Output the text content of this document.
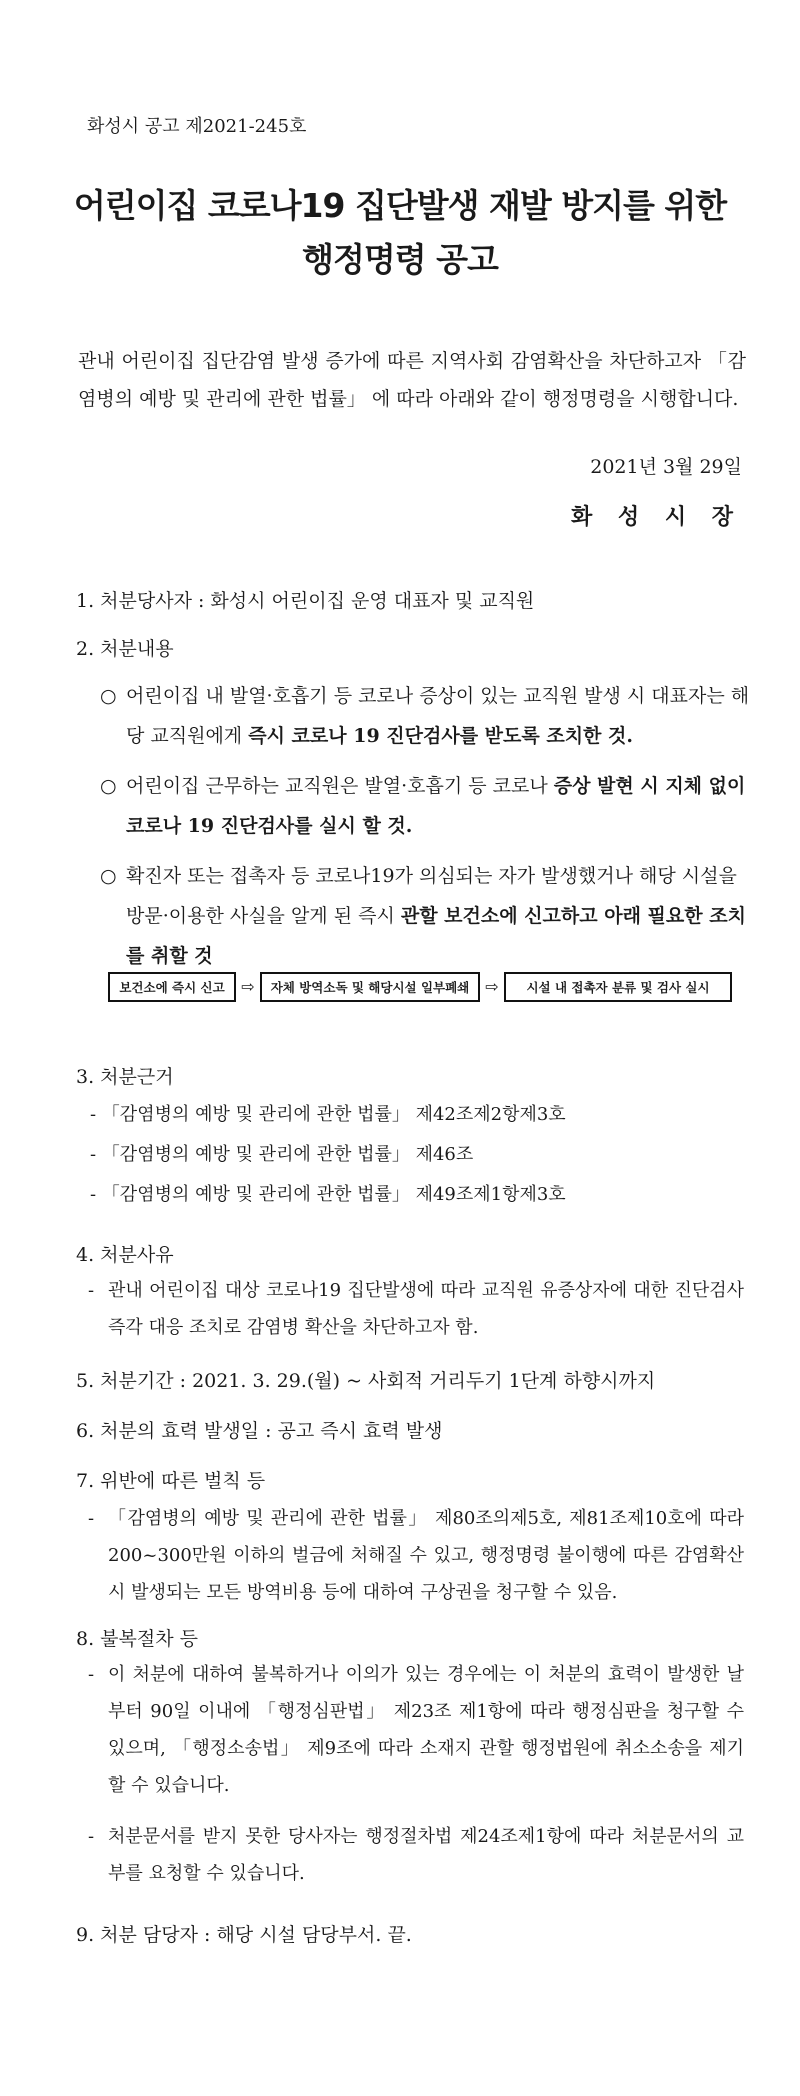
화성시 공고 제2021-245호
어린이집 코로나19 집단발생 재발 방지를 위한
행정명령 공고
관내 어린이집 집단감염 발생 증가에 따른 지역사회 감염확산을 차단하고자 「감염병의 예방 및 관리에 관한 법률」 에 따라 아래와 같이 행정명령을 시행합니다.
2021년 3월 29일
화 성 시 장
1. 처분당사자 : 화성시 어린이집 운영 대표자 및 교직원
2. 처분내용
○ 어린이집 내 발열·호흡기 등 코로나 증상이 있는 교직원 발생 시 대표자는 해당 교직원에게 즉시 코로나 19 진단검사를 받도록 조치한 것.
○ 어린이집 근무하는 교직원은 발열·호흡기 등 코로나 증상 발현 시 지체 없이 코로나 19 진단검사를 실시 할 것.
○ 확진자 또는 접촉자 등 코로나19가 의심되는 자가 발생했거나 해당 시설을 방문·이용한 사실을 알게 된 즉시 관할 보건소에 신고하고 아래 필요한 조치를 취할 것
보건소에 즉시 신고	⇨	자체 방역소독 및 해당시설 일부폐쇄	⇨	시설 내 접촉자 분류 및 검사 실시
3. 처분근거
- 「감염병의 예방 및 관리에 관한 법률」 제42조제2항제3호
- 「감염병의 예방 및 관리에 관한 법률」 제46조
- 「감염병의 예방 및 관리에 관한 법률」 제49조제1항제3호
4. 처분사유
- 관내 어린이집 대상 코로나19 집단발생에 따라 교직원 유증상자에 대한 진단검사 즉각 대응 조치로 감염병 확산을 차단하고자 함.
5. 처분기간 : 2021. 3. 29.(월) ~ 사회적 거리두기 1단계 하향시까지
6. 처분의 효력 발생일 : 공고 즉시 효력 발생
7. 위반에 따른 벌칙 등
- 「감염병의 예방 및 관리에 관한 법률」 제80조의제5호, 제81조제10호에 따라 200~300만원 이하의 벌금에 처해질 수 있고, 행정명령 불이행에 따른 감염확산 시 발생되는 모든 방역비용 등에 대하여 구상권을 청구할 수 있음.
8. 불복절차 등
- 이 처분에 대하여 불복하거나 이의가 있는 경우에는 이 처분의 효력이 발생한 날부터 90일 이내에 「행정심판법」 제23조 제1항에 따라 행정심판을 청구할 수 있으며, 「행정소송법」 제9조에 따라 소재지 관할 행정법원에 취소소송을 제기할 수 있습니다.
- 처분문서를 받지 못한 당사자는 행정절차법 제24조제1항에 따라 처분문서의 교부를 요청할 수 있습니다.
9. 처분 담당자 : 해당 시설 담당부서. 끝.
